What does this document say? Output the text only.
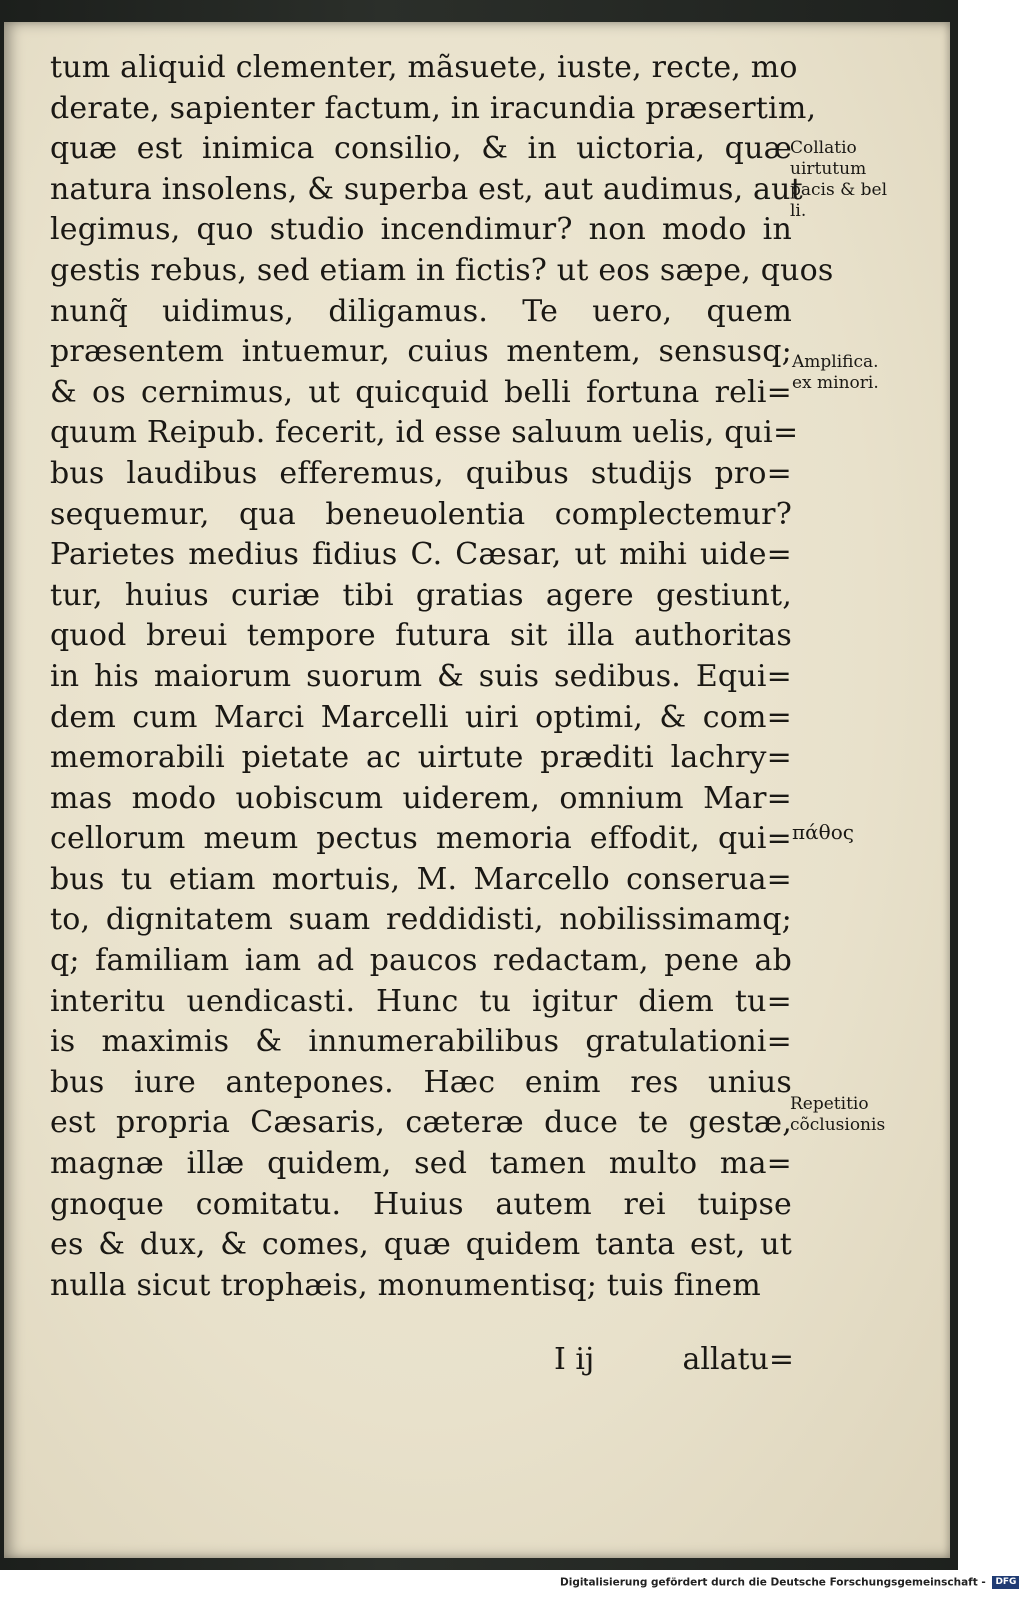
tum aliquid clementer, mãsuete, iuste, recte, mo
derate, sapienter factum, in iracundia præsertim,
quæ est inimica consilio, & in uictoria, quæ
natura insolens, & superba est, aut audimus, aut
legimus, quo studio incendimur? non modo in
gestis rebus, sed etiam in fictis? ut eos sæpe, quos
nunq̃ uidimus, diligamus. Te uero, quem
præsentem intuemur, cuius mentem, sensusq;
& os cernimus, ut quicquid belli fortuna reli=
quum Reipub. fecerit, id esse saluum uelis, qui=
bus laudibus efferemus, quibus studijs pro=
sequemur, qua beneuolentia complectemur?
Parietes medius fidius C. Cæsar, ut mihi uide=
tur, huius curiæ tibi gratias agere gestiunt,
quod breui tempore futura sit illa authoritas
in his maiorum suorum & suis sedibus. Equi=
dem cum Marci Marcelli uiri optimi, & com=
memorabili pietate ac uirtute præditi lachry=
mas modo uobiscum uiderem, omnium Mar=
cellorum meum pectus memoria effodit, qui=
bus tu etiam mortuis, M. Marcello conserua=
to, dignitatem suam reddidisti, nobilissimamq;
q; familiam iam ad paucos redactam, pene ab
interitu uendicasti. Hunc tu igitur diem tu=
is maximis & innumerabilibus gratulationi=
bus iure antepones. Hæc enim res unius
est propria Cæsaris, cæteræ duce te gestæ,
magnæ illæ quidem, sed tamen multo ma=
gnoque comitatu. Huius autem rei tuipse
es & dux, & comes, quæ quidem tanta est, ut
nulla sicut trophæis, monumentisq; tuis finem
I ij	allatu=
Collatio
uirtutum
pacis & bel
li.
Amplifica.
ex minori.
πάθος
Repetitio
cõclusionis
Digitalisierung gefördert durch die Deutsche Forschungsgemeinschaft - DFG
